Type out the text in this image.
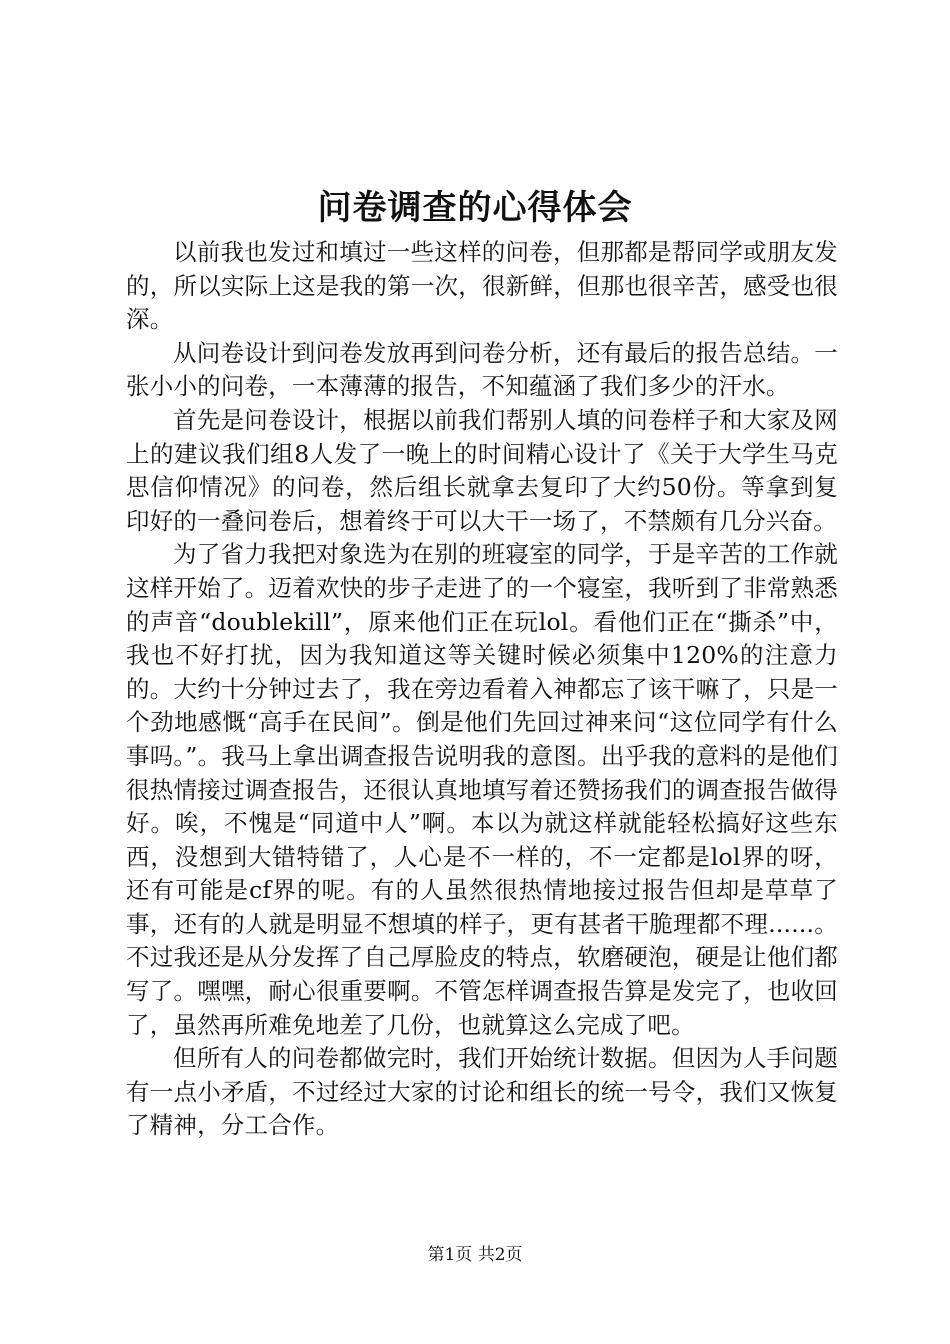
问卷调查的心得体会

以前我也发过和填过一些这样的问卷，但那都是帮同学或朋友发的，所以实际上这是我的第一次，很新鲜，但那也很辛苦，感受也很深。

从问卷设计到问卷发放再到问卷分析，还有最后的报告总结。一张小小的问卷，一本薄薄的报告，不知蕴涵了我们多少的汗水。

首先是问卷设计，根据以前我们帮别人填的问卷样子和大家及网上的建议我们组8人发了一晚上的时间精心设计了《关于大学生马克思信仰情况》的问卷，然后组长就拿去复印了大约50份。等拿到复印好的一叠问卷后，想着终于可以大干一场了，不禁颇有几分兴奋。

为了省力我把对象选为在别的班寝室的同学，于是辛苦的工作就这样开始了。迈着欢快的步子走进了的一个寝室，我听到了非常熟悉的声音“doublekill”，原来他们正在玩lol。看他们正在“撕杀”中，我也不好打扰，因为我知道这等关键时候必须集中120%的注意力的。大约十分钟过去了，我在旁边看着入神都忘了该干嘛了，只是一个劲地感慨“高手在民间”。倒是他们先回过神来问“这位同学有什么事吗。”。我马上拿出调查报告说明我的意图。出乎我的意料的是他们很热情接过调查报告，还很认真地填写着还赞扬我们的调查报告做得好。唉，不愧是“同道中人”啊。本以为就这样就能轻松搞好这些东西，没想到大错特错了，人心是不一样的，不一定都是lol界的呀，还有可能是cf界的呢。有的人虽然很热情地接过报告但却是草草了事，还有的人就是明显不想填的样子，更有甚者干脆理都不理......。不过我还是从分发挥了自己厚脸皮的特点，软磨硬泡，硬是让他们都写了。嘿嘿，耐心很重要啊。不管怎样调查报告算是发完了，也收回了，虽然再所难免地差了几份，也就算这么完成了吧。

但所有人的问卷都做完时，我们开始统计数据。但因为人手问题有一点小矛盾，不过经过大家的讨论和组长的统一号令，我们又恢复了精神，分工合作。

第1页 共2页
